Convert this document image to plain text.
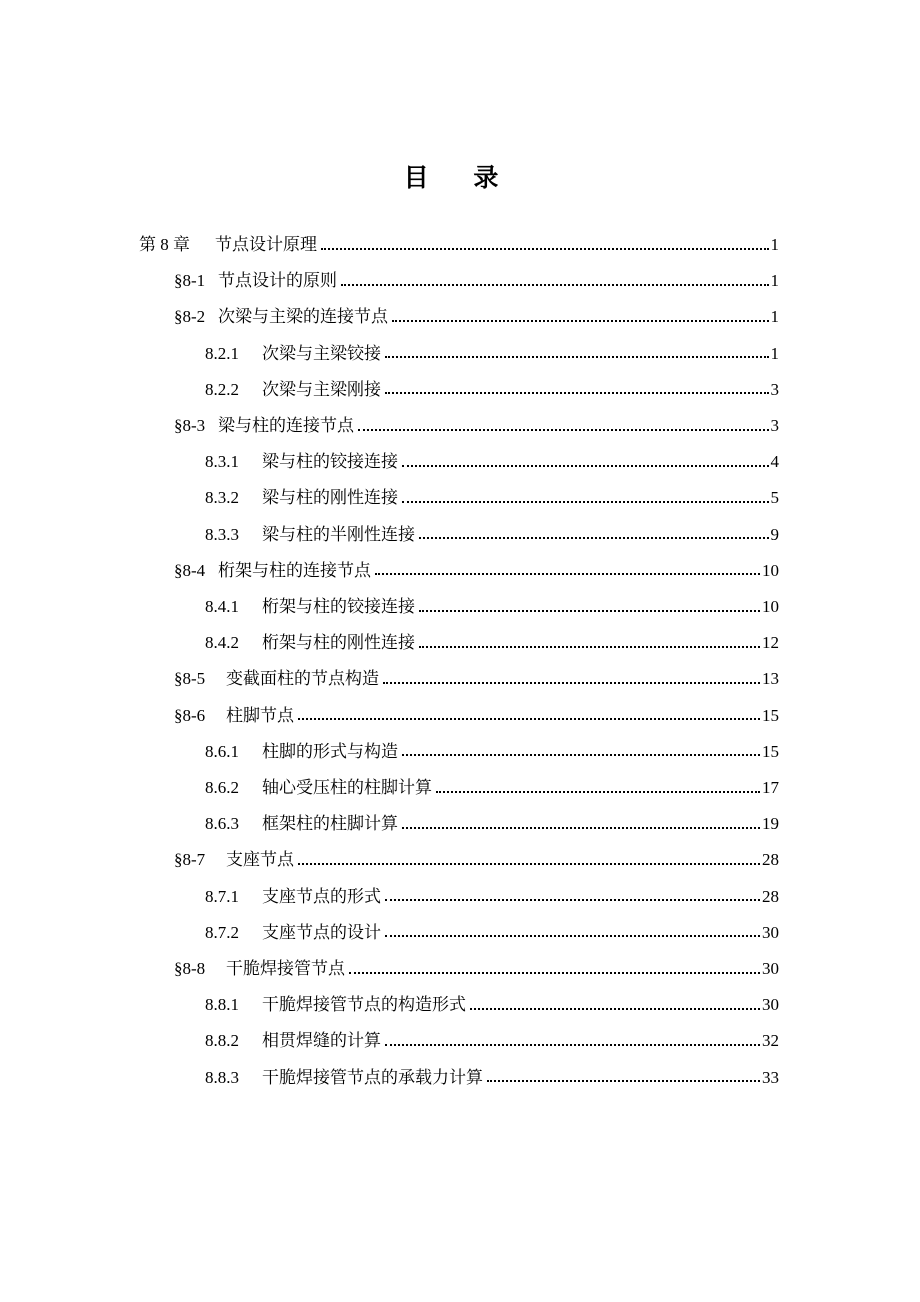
目 录
第 8 章	节点设计原理	1
§8-1 节点设计的原则	1
§8-2 次梁与主梁的连接节点	1
8.2.1	次梁与主梁铰接	1
8.2.2	次梁与主梁刚接	3
§8-3 梁与柱的连接节点	3
8.3.1	梁与柱的铰接连接	4
8.3.2	梁与柱的刚性连接	5
8.3.3	梁与柱的半刚性连接	9
§8-4 桁架与柱的连接节点	10
8.4.1	桁架与柱的铰接连接	10
8.4.2	桁架与柱的刚性连接	12
§8-5	变截面柱的节点构造	13
§8-6	柱脚节点	15
8.6.1	柱脚的形式与构造	15
8.6.2	轴心受压柱的柱脚计算	17
8.6.3	框架柱的柱脚计算	19
§8-7	支座节点	28
8.7.1	支座节点的形式	28
8.7.2	支座节点的设计	30
§8-8	干脆焊接管节点	30
8.8.1	干脆焊接管节点的构造形式	30
8.8.2	相贯焊缝的计算	32
8.8.3	干脆焊接管节点的承载力计算	33
